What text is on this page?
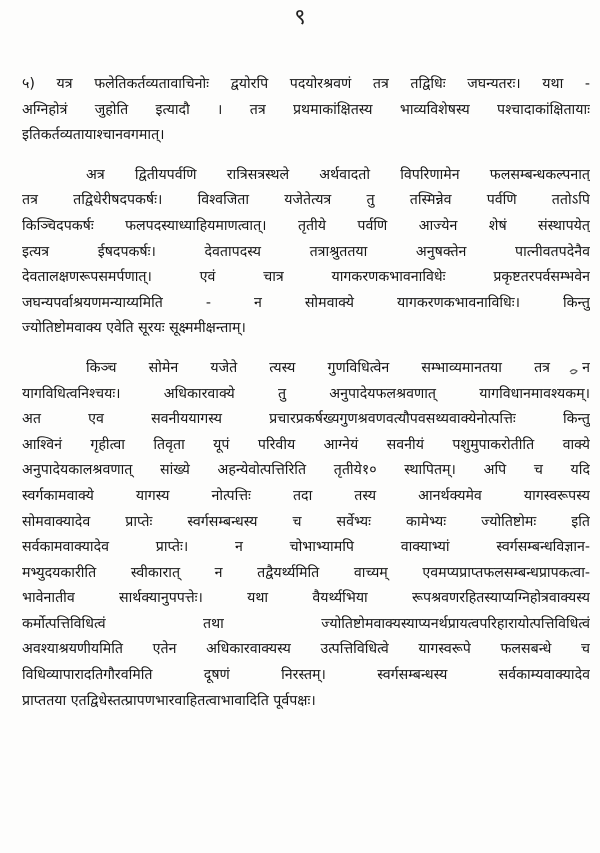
९
५) यत्र फलेतिकर्तव्यतावाचिनोः द्वयोरपि पदयोरश्रवणं तत्र तद्विधिः जघन्यतरः। यथा -
अग्निहोत्रं जुहोति इत्यादौ । तत्र प्रथमाकांक्षितस्य भाव्यविशेषस्य पश्चादाकांक्षितायाः
इतिकर्तव्यतायाश्चानवगमात्।
अत्र द्वितीयपर्वणि रात्रिसत्रस्थले अर्थवादतो विपरिणामेन फलसम्बन्धकल्पनात्
तत्र तद्विधेरीषदपकर्षः। विश्वजिता यजेतेत्यत्र तु तस्मिन्नेव पर्वणि ततोऽपि
किञ्चिदपकर्षः फलपदस्याध्याहियमाणत्वात्। तृतीये पर्वणि आज्येन शेषं संस्थापयेत्
इत्यत्र ईषदपकर्षः। देवतापदस्य तत्राश्रुततया अनुषक्तेन पात्नीवतपदेनैव
देवतालक्षणरूपसमर्पणात्। एवं चात्र यागकरणकभावनाविधेः प्रकृष्टतरपर्वसम्भवेन
जघन्यपर्वाश्रयणमन्याय्यमिति - न सोमवाक्ये यागकरणकभावनाविधिः। किन्तु
ज्योतिष्टोमवाक्य एवेति सूरयः सूक्ष्ममीक्षन्ताम्।
किञ्च सोमेन यजेते त्यस्य गुणविधित्वेन सम्भाव्यमानतया तत्र न
यागविधित्वनिश्चयः। अधिकारवाक्ये तु अनुपादेयफलश्रवणात् यागविधानमावश्यकम्।
अत एव सवनीययागस्य प्रचारप्रकर्षख्यगुणश्रवणवत्यौपवसथ्यवाक्येनोत्पत्तिः किन्तु
आश्विनं गृहीत्वा तिवृता यूपं परिवीय आग्नेयं सवनीयं पशुमुपाकरोतीति वाक्ये
अनुपादेयकालश्रवणात् सांख्ये अहन्येवोत्पत्तिरिति तृतीये१० स्थापितम्। अपि च यदि
स्वर्गकामवाक्ये यागस्य नोत्पत्तिः तदा तस्य आनर्थक्यमेव यागस्वरूपस्य
सोमवाक्यादेव प्राप्तेः स्वर्गसम्बन्धस्य च सर्वेभ्यः कामेभ्यः ज्योतिष्टोमः इति
सर्वकामवाक्यादेव प्राप्तेः। न चोभाभ्यामपि वाक्याभ्यां स्वर्गसम्बन्धविज्ञान-
मभ्युदयकारीति स्वीकारात् न तद्वैयर्थ्यमिति वाच्यम् एवमप्यप्राप्तफलसम्बन्धप्रापकत्वा-
भावेनातीव सार्थक्यानुपपत्तेः। यथा वैयर्थ्यभिया रूपश्रवणरहितस्याप्यग्निहोत्रवाक्यस्य
कर्मोत्पत्तिविधित्वं तथा ज्योतिष्टोमवाक्यस्याप्यनर्थप्रायत्वपरिहारायोत्पत्तिविधित्वं
अवश्याश्रयणीयमिति एतेन अधिकारवाक्यस्य उत्पत्तिविधित्वे यागस्वरूपे फलसबन्धे च
विधिव्यापारादतिगौरवमिति दूषणं निरस्तम्। स्वर्गसम्बन्धस्य सर्वकाम्यवाक्यादेव
प्राप्ततया एतद्विधेस्तत्प्रापणभारवाहितत्वाभावादिति पूर्वपक्षः।
